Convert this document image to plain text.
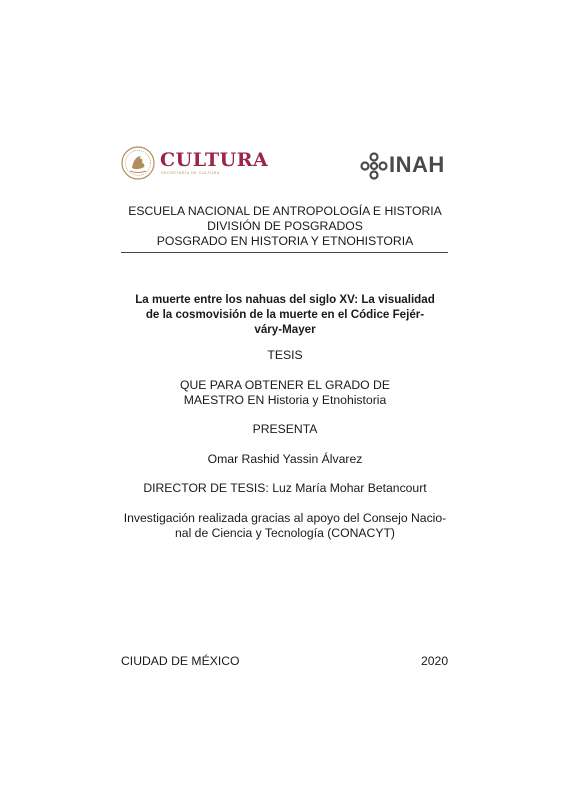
CULTURA
SECRETARÍA DE CULTURA	INAH
ESCUELA NACIONAL DE ANTROPOLOGÍA E HISTORIA
DIVISIÓN DE POSGRADOS
POSGRADO EN HISTORIA Y ETNOHISTORIA
La muerte entre los nahuas del siglo XV: La visualidad
de la cosmovisión de la muerte en el Códice Fejér-
váry-Mayer
TESIS
QUE PARA OBTENER EL GRADO DE
MAESTRO EN Historia y Etnohistoria
PRESENTA
Omar Rashid Yassin Álvarez
DIRECTOR DE TESIS: Luz María Mohar Betancourt
Investigación realizada gracias al apoyo del Consejo Nacio-
nal de Ciencia y Tecnología (CONACYT)
CIUDAD DE MÉXICO	2020
